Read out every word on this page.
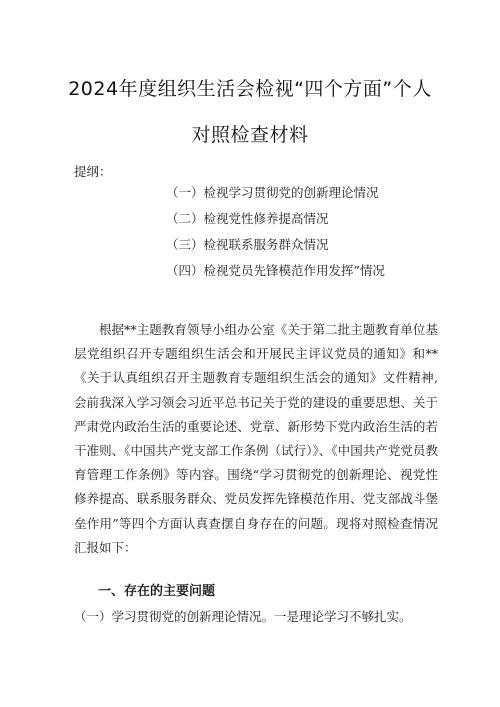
2024年度组织生活会检视“四个方面”个人
对照检查材料
提纲：
（一）检视学习贯彻党的创新理论情况
（二）检视党性修养提高情况
（三）检视联系服务群众情况
（四）检视党员先锋模范作用发挥”情况

根据**主题教育领导小组办公室《关于第二批主题教育单位基层党组织召开专题组织生活会和开展民主评议党员的通知》和**《关于认真组织召开主题教育专题组织生活会的通知》文件精神,会前我深入学习领会习近平总书记关于党的建设的重要思想、关于严肃党内政治生活的重要论述、党章、新形势下党内政治生活的若干准则、《中国共产党支部工作条例（试行）》、《中国共产党党员教育管理工作条例》等内容。围绕“学习贯彻党的创新理论、视党性修养提高、联系服务群众、党员发挥先锋模范作用、党支部战斗堡垒作用”等四个方面认真查摆自身存在的问题。现将对照检查情况汇报如下：

一、存在的主要问题

（一）学习贯彻党的创新理论情况。一是理论学习不够扎实。
